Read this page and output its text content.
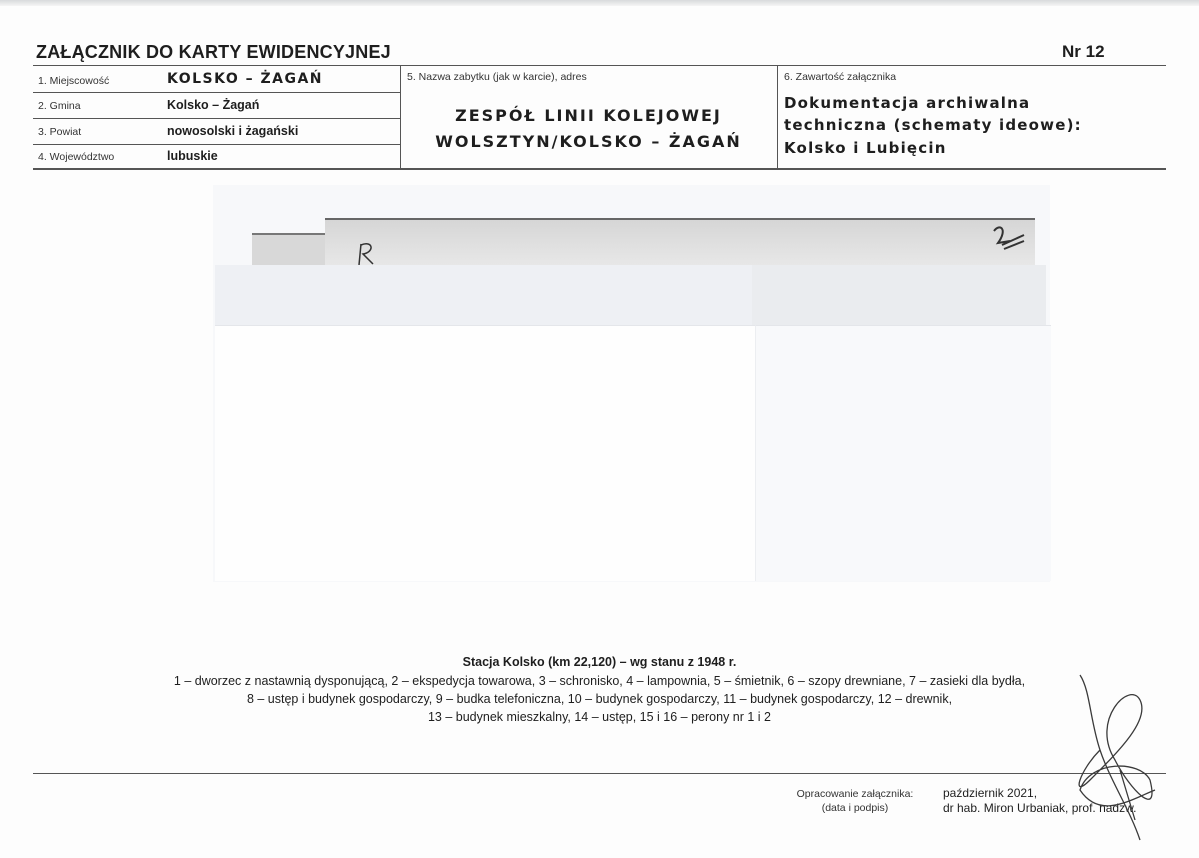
ZAŁĄCZNIK DO KARTY EWIDENCYJNEJ	Nr 12
1. Miejscowość	KOLSKO – ŻAGAŃ
2. Gmina	Kolsko – Żagań
3. Powiat	nowosolski i żagański
4. Województwo	lubuskie
5. Nazwa zabytku (jak w karcie), adres
ZESPÓŁ LINII KOLEJOWEJ
WOLSZTYN/KOLSKO – ŻAGAŃ
6. Zawartość załącznika
Dokumentacja archiwalna
techniczna (schematy ideowe):
Kolsko i Lubięcin
Stacja Kolsko (km 22,120) – wg stanu z 1948 r.
1 – dworzec z nastawnią dysponującą, 2 – ekspedycja towarowa, 3 – schronisko, 4 – lampownia, 5 – śmietnik, 6 – szopy drewniane, 7 – zasieki dla bydła,
8 – ustęp i budynek gospodarczy, 9 – budka telefoniczna, 10 – budynek gospodarczy, 11 – budynek gospodarczy, 12 – drewnik,
13 – budynek mieszkalny, 14 – ustęp, 15 i 16 – perony nr 1 i 2
Opracowanie załącznika:
(data i podpis)
październik 2021,
dr hab. Miron Urbaniak, prof. nadzw.
